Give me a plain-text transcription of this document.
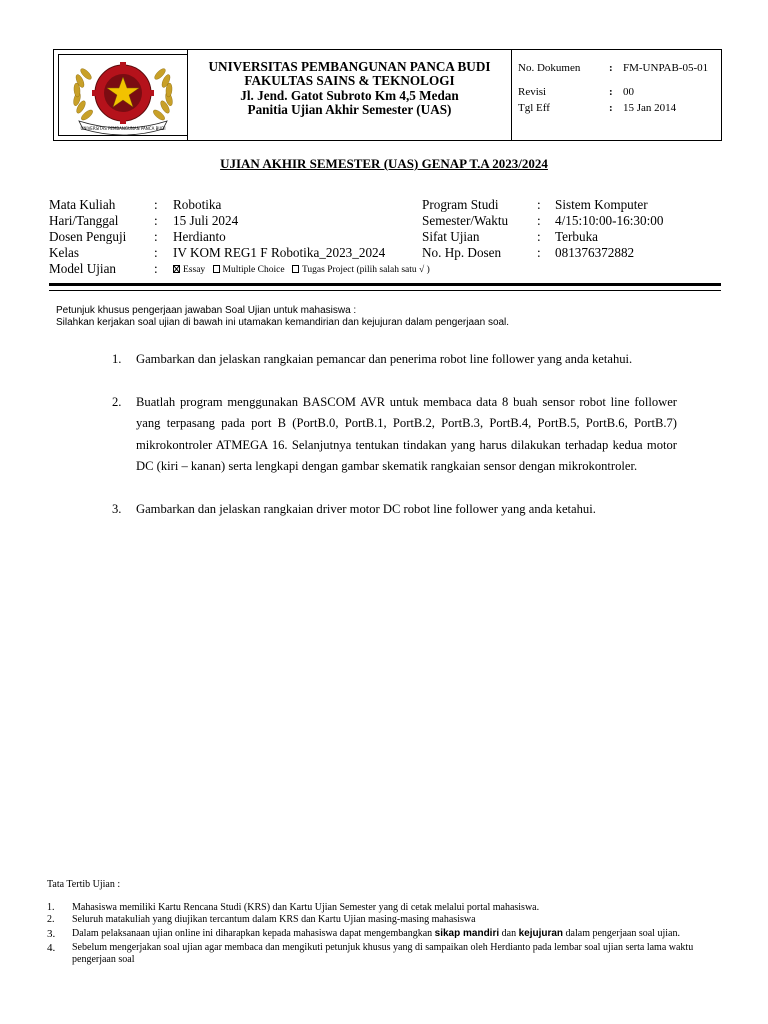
UNIVERSITAS PEMBANGUNAN PANCA BUDI
UNIVERSITAS PEMBANGUNAN PANCA BUDI
FAKULTAS SAINS & TEKNOLOGI
Jl. Jend. Gatot Subroto Km 4,5 Medan
Panitia Ujian Akhir Semester (UAS)
No. Dokumen	: FM-UNPAB-05-01
Revisi	: 00
Tgl Eff	: 15 Jan 2014
UJIAN AKHIR SEMESTER (UAS) GENAP T.A 2023/2024
Mata Kuliah	: Robotika	Program Studi	: Sistem Komputer
Hari/Tanggal	: 15 Juli 2024	Semester/Waktu : 4/15:10:00-16:30:00
Dosen Penguji : Herdianto	Sifat Ujian	: Terbuka
Kelas	: IV KOM REG1 F Robotika_2023_2024	No. Hp. Dosen	: 081376372882
Model Ujian	:	Essay Multiple Choice Tugas Project (pilih salah satu √ )
Petunjuk khusus pengerjaan jawaban Soal Ujian untuk mahasiswa :
Silahkan kerjakan soal ujian di bawah ini utamakan kemandirian dan kejujuran dalam pengerjaan soal.
1. Gambarkan dan jelaskan rangkaian pemancar dan penerima robot line follower yang anda ketahui.
2. Buatlah program menggunakan BASCOM AVR untuk membaca data 8 buah sensor robot line follower yang terpasang pada port B (PortB.0, PortB.1, PortB.2, PortB.3, PortB.4, PortB.5, PortB.6, PortB.7) mikrokontroler ATMEGA 16. Selanjutnya tentukan tindakan yang harus dilakukan terhadap kedua motor DC (kiri – kanan) serta lengkapi dengan gambar skematik rangkaian sensor dengan mikrokontroler.
3. Gambarkan dan jelaskan rangkaian driver motor DC robot line follower yang anda ketahui.
Tata Tertib Ujian :
1. Mahasiswa memiliki Kartu Rencana Studi (KRS) dan Kartu Ujian Semester yang di cetak melalui portal mahasiswa.
2. Seluruh matakuliah yang diujikan tercantum dalam KRS dan Kartu Ujian masing-masing mahasiswa
3. Dalam pelaksanaan ujian online ini diharapkan kepada mahasiswa dapat mengembangkan sikap mandiri dan kejujuran dalam pengerjaan soal ujian.
4. Sebelum mengerjakan soal ujian agar membaca dan mengikuti petunjuk khusus yang di sampaikan oleh Herdianto pada lembar soal ujian serta lama waktu pengerjaan soal
